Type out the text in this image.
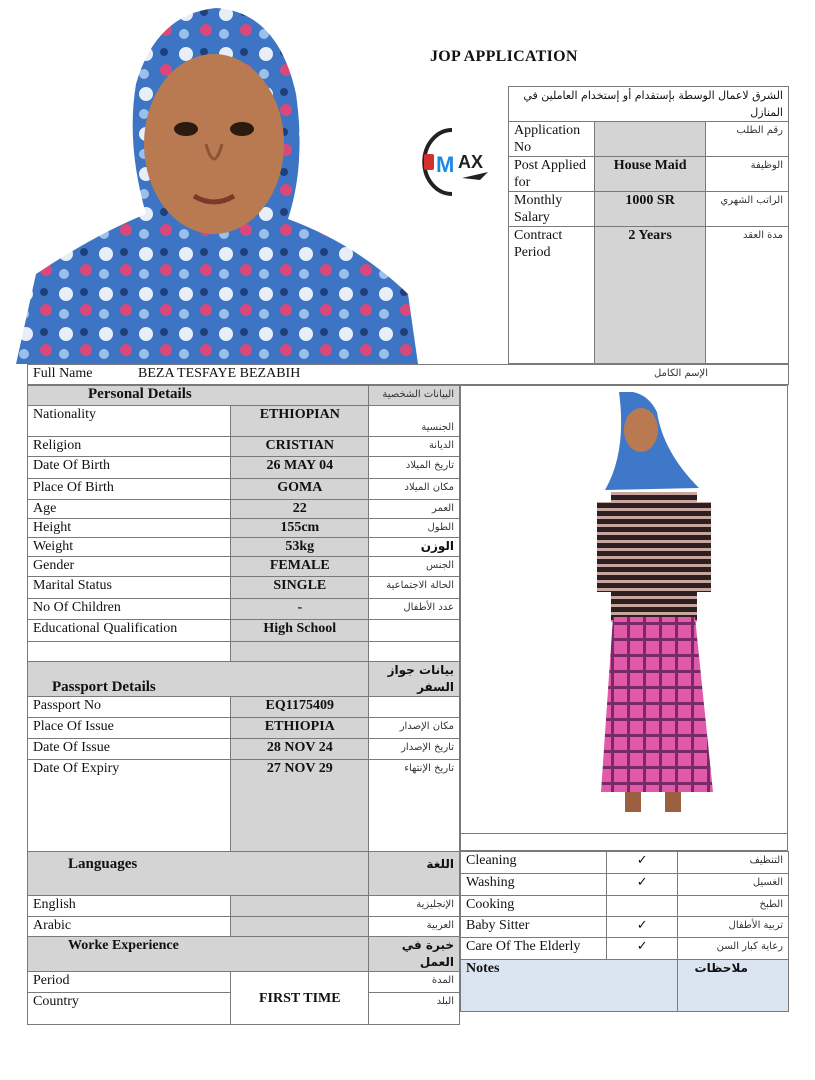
JOP APPLICATION
M AX
الشرق لاعمال الوسطة بإستقدام أو إستخدام العاملين في المنازل		
Application No		رقم الطلب
Post Applied for	House Maid	الوظيفة
Monthly Salary	1000 SR	الراتب الشهري
Contract Period	2 Years	مدة العقد
Full Name	BEZA TESFAYE BEZABIH	الإسم الكامل
Personal Details		البيانات الشخصية
Nationality	ETHIOPIAN	الجنسية
Religion	CRISTIAN	الديانة
Date Of Birth	26 MAY 04	تاريخ الميلاد
Place Of Birth	GOMA	مكان الميلاد
Age	22	العمر
Height	155cm	الطول
Weight	53kg	الوزن
Gender	FEMALE	الجنس
Marital Status	SINGLE	الحالة الاجتماعية
No Of Children	-	عدد الأطفال
Educational Qualification	High School	

Passport Details		بيانات جواز السفر
Passport No	EQ1175409	
Place Of Issue	ETHIOPIA	مكان الإصدار
Date Of Issue	28 NOV 24	تاريخ الإصدار
Date Of Expiry	27 NOV 29	تاريخ الإنتهاء
Languages		اللغة
English		الإنجليزية
Arabic		العربية
Worke Experience		خبرة في العمل
Period	FIRST TIME	المدة
Country		البلد
Cleaning	✓	التنظيف
Washing	✓	الغسيل
Cooking		الطبخ
Baby Sitter	✓	تربية الأطفال
Care Of The Elderly	✓	رعاية كبار السن
Notes		ملاحظات
